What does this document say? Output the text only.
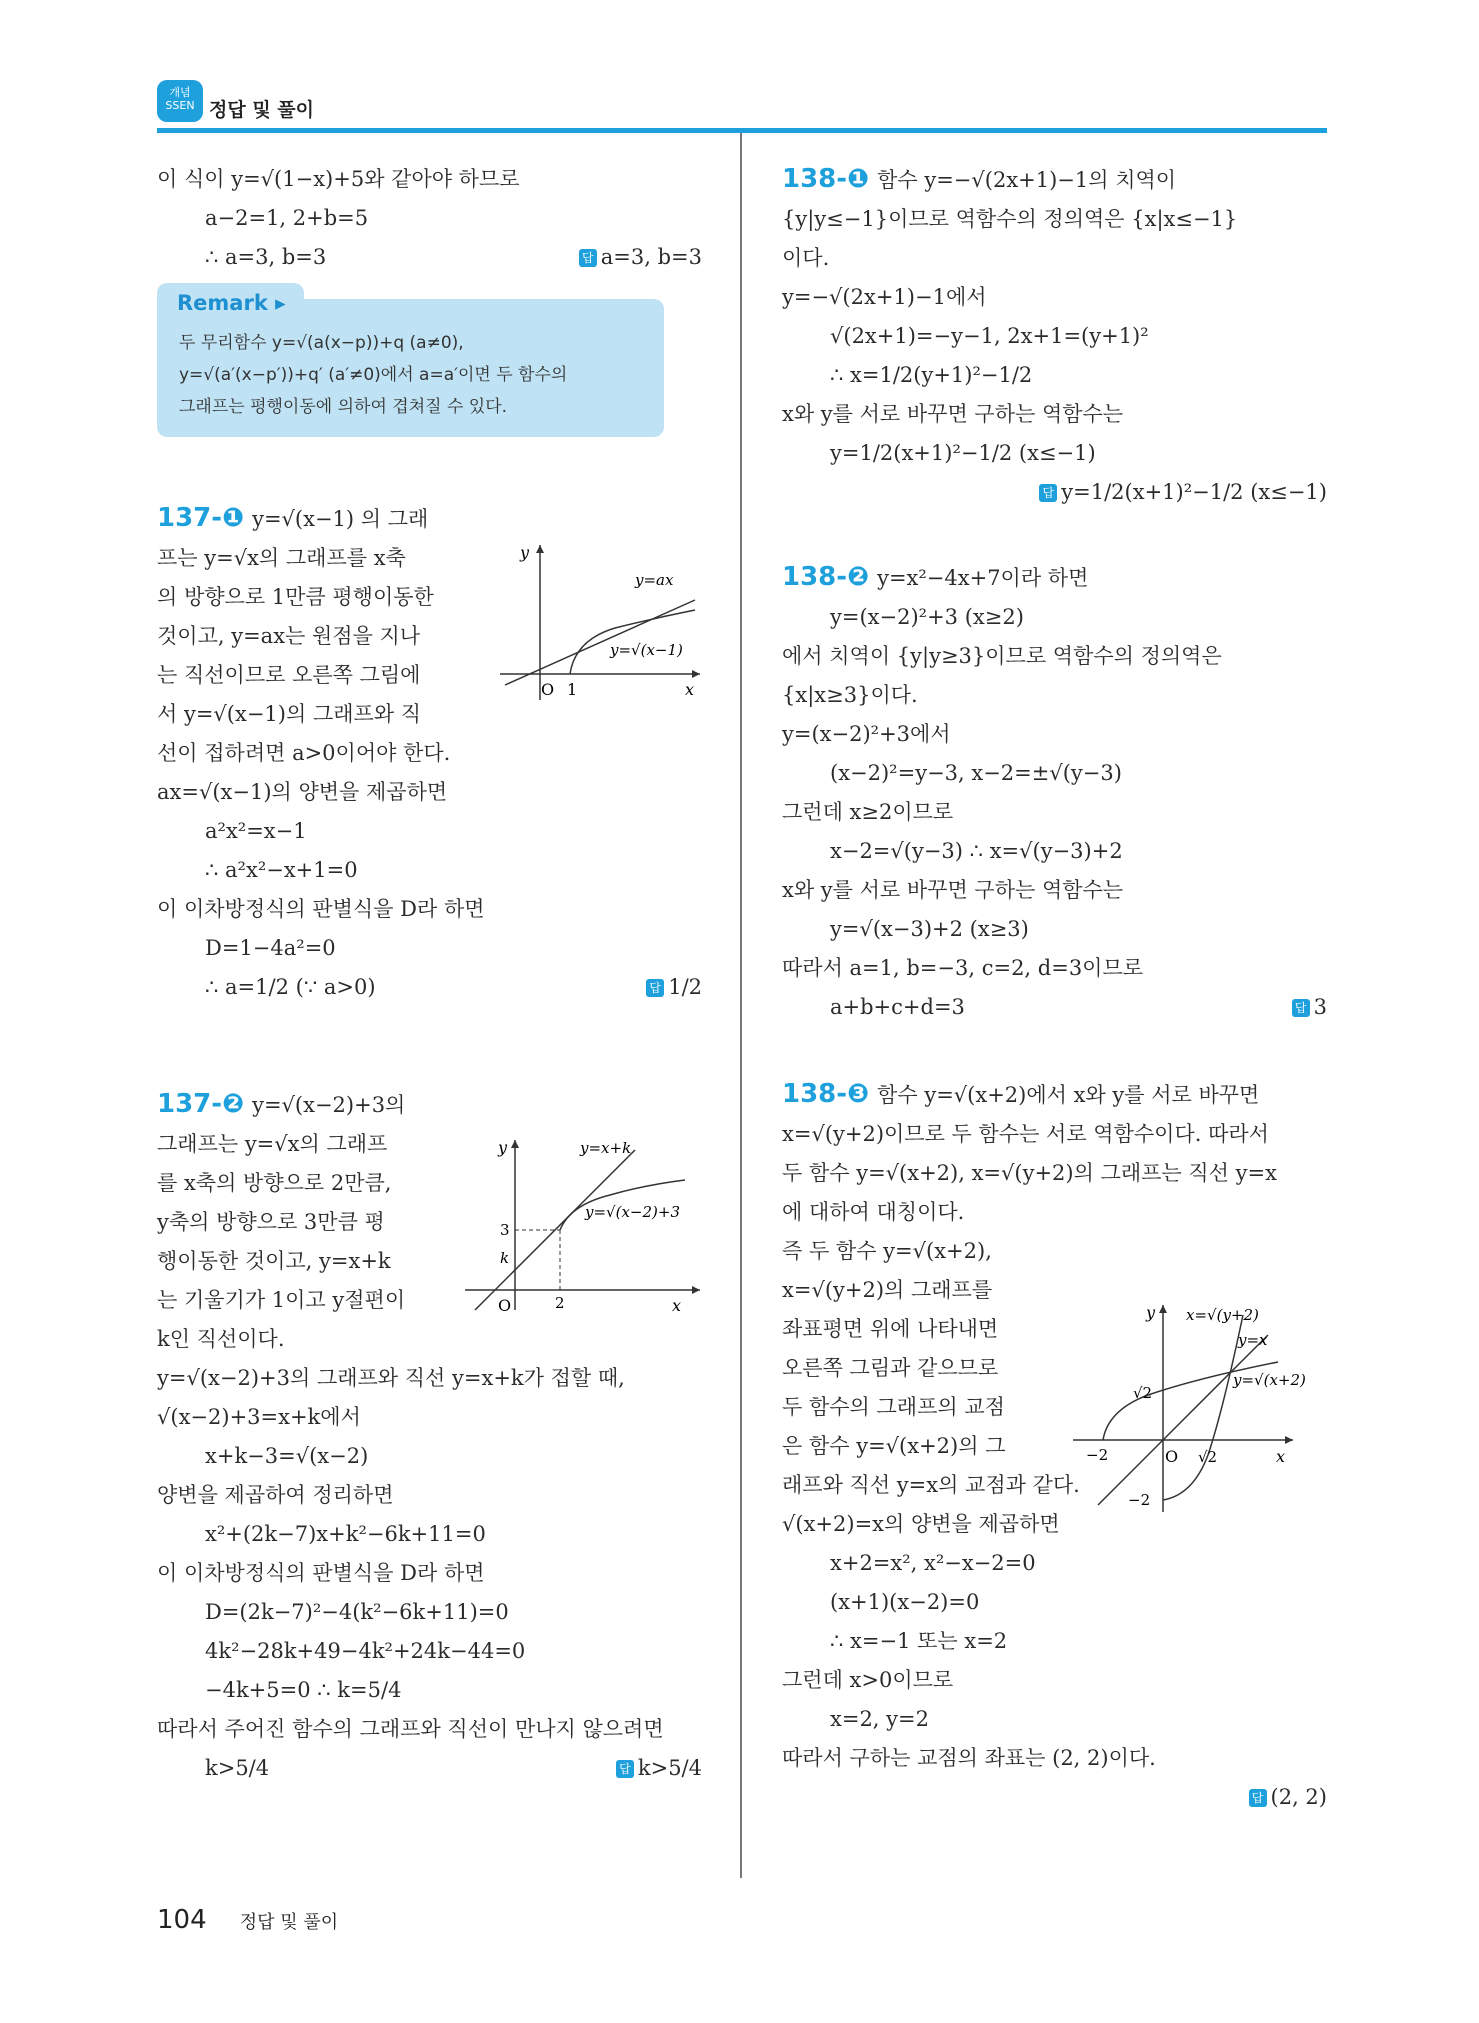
개념
SSEN 정답 및 풀이
이 식이 y=√(1−x)+5와 같아야 하므로
a−2=1, 2+b=5
∴ a=3, b=3	답 a=3, b=3
Remark ▸
두 무리함수 y=√(a(x−p))+q (a≠0),
y=√(a′(x−p′))+q′ (a′≠0)에서 a=a′이면 두 함수의
그래프는 평행이동에 의하여 겹쳐질 수 있다.
137-❶ y=√(x−1) 의 그래
프는 y=√x의 그래프를 x축
의 방향으로 1만큼 평행이동한
것이고, y=ax는 원점을 지나
는 직선이므로 오른쪽 그림에
서 y=√(x−1)의 그래프와 직
선이 접하려면 a>0이어야 한다.
ax=√(x−1)의 양변을 제곱하면
a²x²=x−1
∴ a²x²−x+1=0
이 이차방정식의 판별식을 D라 하면
D=1−4a²=0
∴ a=1/2 (∵ a>0)	답 1/2
137-❷ y=√(x−2)+3의
그래프는 y=√x의 그래프
를 x축의 방향으로 2만큼,
y축의 방향으로 3만큼 평
행이동한 것이고, y=x+k
는 기울기가 1이고 y절편이
k인 직선이다.
y=√(x−2)+3의 그래프와 직선 y=x+k가 접할 때,
√(x−2)+3=x+k에서
x+k−3=√(x−2)
양변을 제곱하여 정리하면
x²+(2k−7)x+k²−6k+11=0
이 이차방정식의 판별식을 D라 하면
D=(2k−7)²−4(k²−6k+11)=0
4k²−28k+49−4k²+24k−44=0
−4k+5=0 ∴ k=5/4
따라서 주어진 함수의 그래프와 직선이 만나지 않으려면
k>5/4	답 k>5/4
y
x
O 1
y=ax
y=√(x−1)
y
x
O	2
3
k
y=x+k
y=√(x−2)+3
138-❶ 함수 y=−√(2x+1)−1의 치역이
{y|y≤−1}이므로 역함수의 정의역은 {x|x≤−1}
이다.
y=−√(2x+1)−1에서
√(2x+1)=−y−1, 2x+1=(y+1)²
∴ x=1/2(y+1)²−1/2
x와 y를 서로 바꾸면 구하는 역함수는
y=1/2(x+1)²−1/2 (x≤−1)
답 y=1/2(x+1)²−1/2 (x≤−1)
138-❷ y=x²−4x+7이라 하면
y=(x−2)²+3 (x≥2)
에서 치역이 {y|y≥3}이므로 역함수의 정의역은
{x|x≥3}이다.
y=(x−2)²+3에서
(x−2)²=y−3, x−2=±√(y−3)
그런데 x≥2이므로
x−2=√(y−3) ∴ x=√(y−3)+2
x와 y를 서로 바꾸면 구하는 역함수는
y=√(x−3)+2 (x≥3)
따라서 a=1, b=−3, c=2, d=3이므로
a+b+c+d=3	답 3
138-❸ 함수 y=√(x+2)에서 x와 y를 서로 바꾸면
x=√(y+2)이므로 두 함수는 서로 역함수이다. 따라서
두 함수 y=√(x+2), x=√(y+2)의 그래프는 직선 y=x
에 대하여 대칭이다.
즉 두 함수 y=√(x+2),
x=√(y+2)의 그래프를
좌표평면 위에 나타내면
오른쪽 그림과 같으므로
두 함수의 그래프의 교점
은 함수 y=√(x+2)의 그
래프와 직선 y=x의 교점과 같다.
√(x+2)=x의 양변을 제곱하면
x+2=x², x²−x−2=0
(x+1)(x−2)=0
∴ x=−1 또는 x=2
그런데 x>0이므로
x=2, y=2
따라서 구하는 교점의 좌표는 (2, 2)이다.
답 (2, 2)
y
x
O
−2
−2
√2
√2
x=√(y+2)
y=x
y=√(x+2)
104 정답 및 풀이
